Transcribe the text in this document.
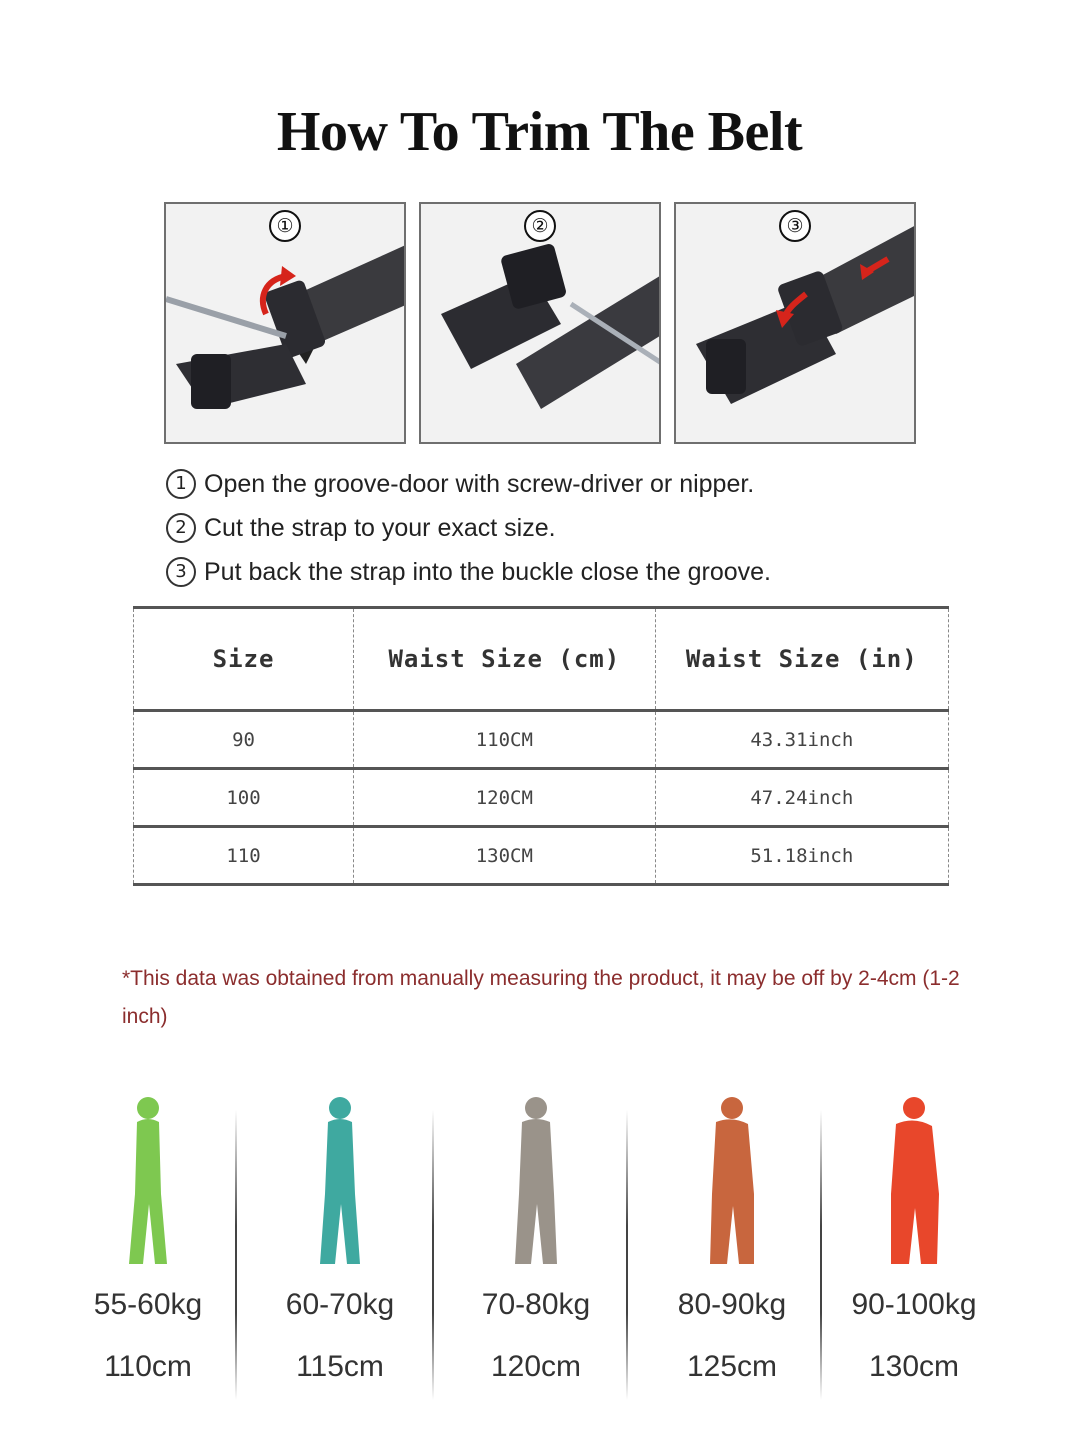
How To Trim The Belt
①	②	③
1 Open the groove-door with screw-driver or nipper.
2 Cut the strap to your exact size.
3 Put back the strap into the buckle close the groove.
Size	Waist Size (cm)	Waist Size (in)
90	110CM	43.31inch
100	120CM	47.24inch
110	130CM	51.18inch
*This data was obtained from manually measuring the product, it may be off by 2-4cm (1-2 inch)
55-60kg
110cm
60-70kg
115cm
70-80kg
120cm
80-90kg
125cm
90-100kg
130cm
